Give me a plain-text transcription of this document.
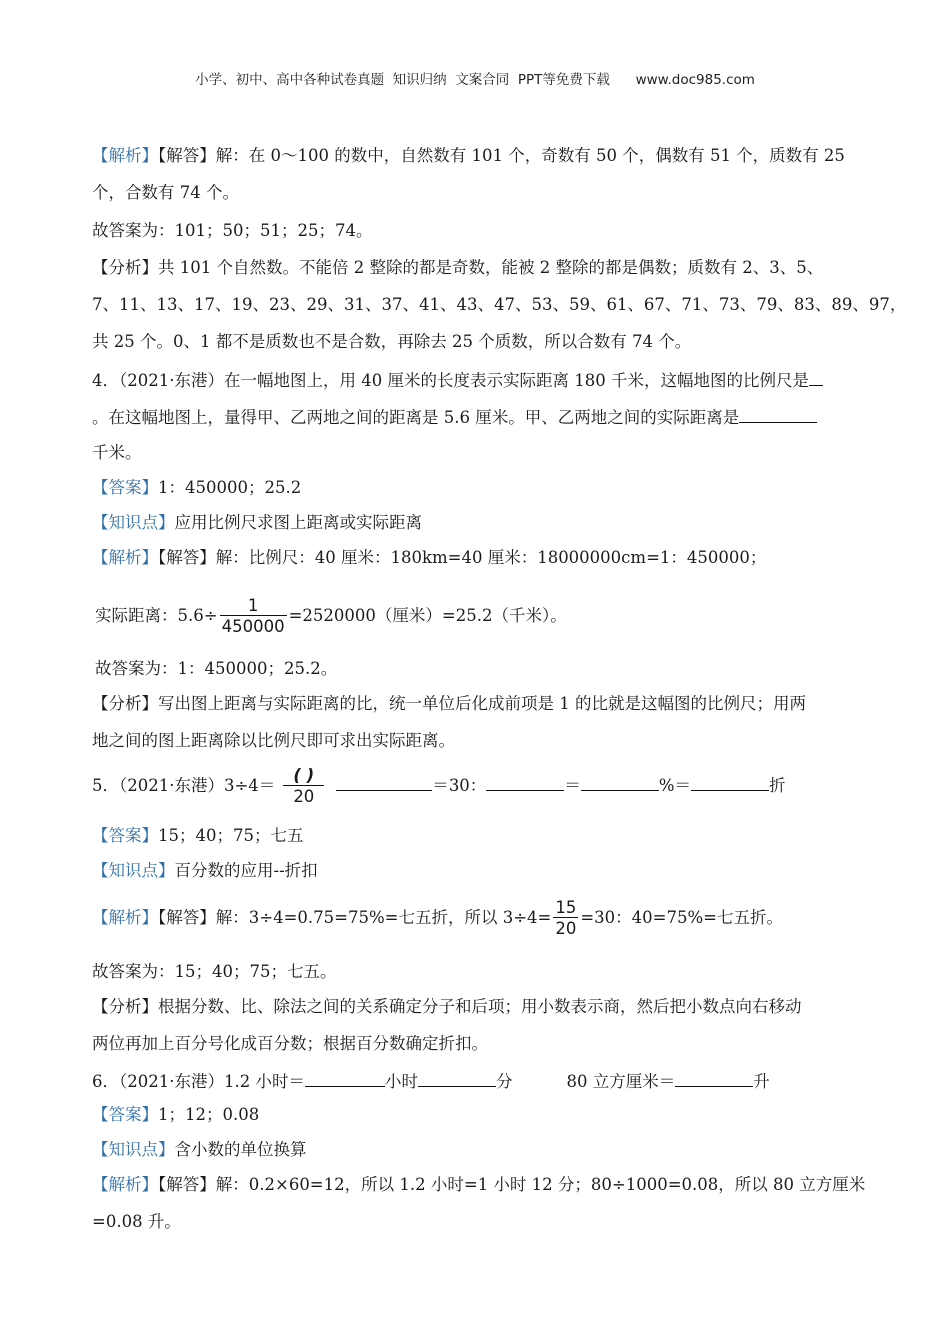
小学、初中、高中各种试卷真题  知识归纳  文案合同  PPT等免费下载      www.doc985.com
【解析】【解答】解：在 0～100 的数中，自然数有 101 个，奇数有 50 个，偶数有 51 个，质数有 25
个，合数有 74 个。
故答案为：101；50；51；25；74。
【分析】共 101 个自然数。不能倍 2 整除的都是奇数，能被 2 整除的都是偶数；质数有 2、3、5、
7、11、13、17、19、23、29、31、37、41、43、47、53、59、61、67、71、73、79、83、89、97，
共 25 个。0、1 都不是质数也不是合数，再除去 25 个质数，所以合数有 74 个。
4．（2021·东港）在一幅地图上，用 40 厘米的长度表示实际距离 180 千米，这幅地图的比例尺是
。在这幅地图上，量得甲、乙两地之间的距离是 5.6 厘米。甲、乙两地之间的实际距离是
千米。
【答案】1：450000；25.2
【知识点】应用比例尺求图上距离或实际距离
【解析】【解答】解：比例尺：40 厘米：180km=40 厘米：18000000cm=1：450000；
实际距离：$5.6\div \frac{1}{450000} =2520000$（厘米）=25.2（千米）。
故答案为：1：450000；25.2。
【分析】写出图上距离与实际距离的比，统一单位后化成前项是 1 的比就是这幅图的比例尺；用两
地之间的图上距离除以比例尺即可求出实际距离。
5．（2021·东港）$3\div 4= \frac{( )}{20}$	＝30：	＝	%＝	折
【答案】15；40；75；七五
【知识点】百分数的应用--折扣
【解析】【解答】解：3÷4=0.75=75%=七五折，所以 $3\div 4= \frac{15}{20} =30$：40=75%=七五折。
故答案为：15；40；75；七五。
【分析】根据分数、比、除法之间的关系确定分子和后项；用小数表示商，然后把小数点向右移动
两位再加上百分号化成百分数；根据百分数确定折扣。
6．（2021·东港）1.2 小时＝	小时	分	80 立方厘米＝	升
【答案】1；12；0.08
【知识点】含小数的单位换算
【解析】【解答】解：0.2×60=12，所以 1.2 小时=1 小时 12 分；80÷1000=0.08，所以 80 立方厘米
=0.08 升。
